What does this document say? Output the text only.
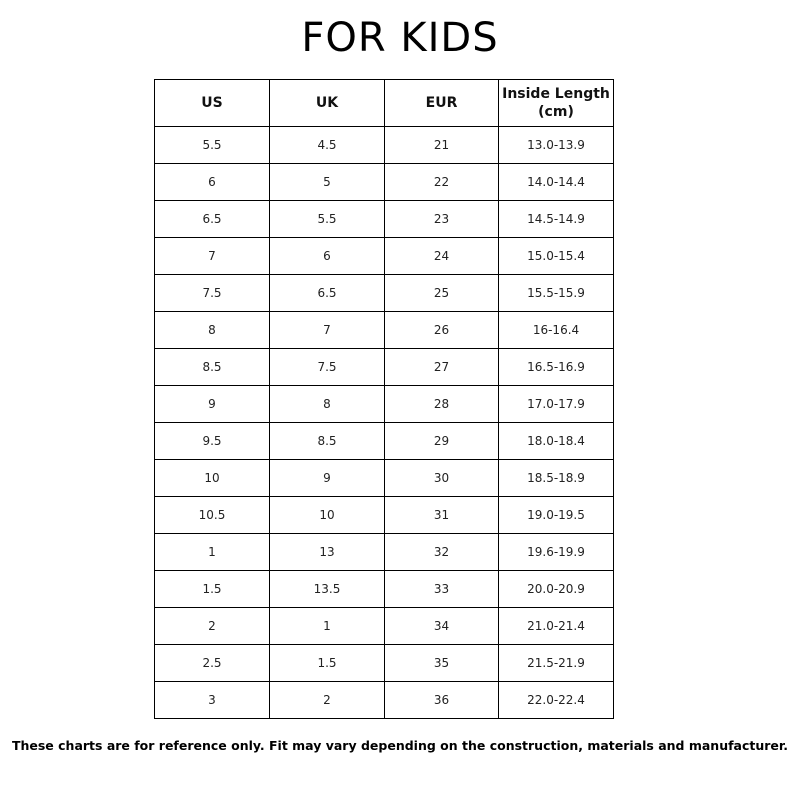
FOR KIDS
US	UK	EUR	Inside Length (cm)
5.5	4.5	21	13.0-13.9
6	5	22	14.0-14.4
6.5	5.5	23	14.5-14.9
7	6	24	15.0-15.4
7.5	6.5	25	15.5-15.9
8	7	26	16-16.4
8.5	7.5	27	16.5-16.9
9	8	28	17.0-17.9
9.5	8.5	29	18.0-18.4
10	9	30	18.5-18.9
10.5	10	31	19.0-19.5
1	13	32	19.6-19.9
1.5	13.5	33	20.0-20.9
2	1	34	21.0-21.4
2.5	1.5	35	21.5-21.9
3	2	36	22.0-22.4
These charts are for reference only. Fit may vary depending on the construction, materials and manufacturer.
